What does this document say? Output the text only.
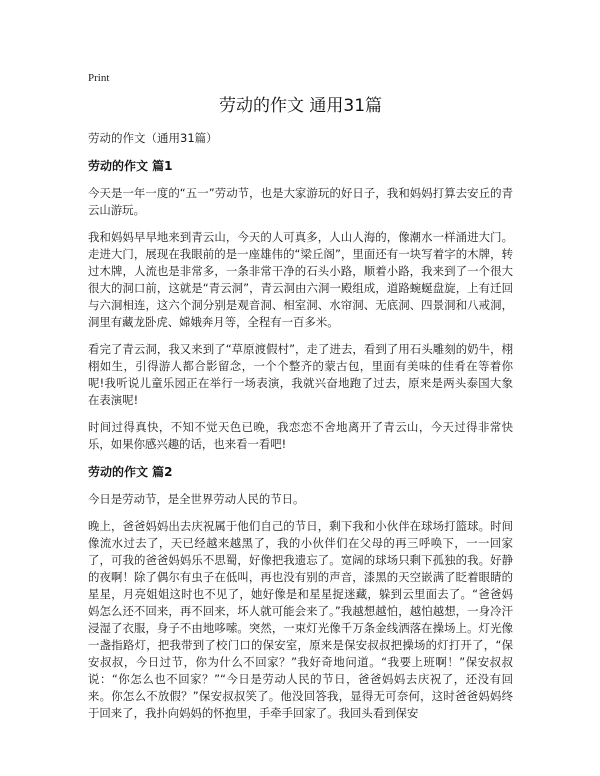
Print
劳动的作文 通用31篇

劳动的作文（通用31篇）

劳动的作文 篇1

今天是一年一度的“五一”劳动节，也是大家游玩的好日子，我和妈妈打算去安丘的青云山游玩。

我和妈妈早早地来到青云山，今天的人可真多，人山人海的，像潮水一样涌进大门。走进大门，展现在我眼前的是一座雄伟的“梁丘阁”，里面还有一块写着字的木牌，转过木牌，人流也是非常多，一条非常干净的石头小路，顺着小路，我来到了一个很大很大的洞口前，这就是“青云洞”，青云洞由六洞一殿组成，道路蜿蜒盘旋，上有迁回与六洞相连，这六个洞分别是观音洞、相室洞、水帘洞、无底洞、四景洞和八戒洞，洞里有藏龙卧虎、嫦娥奔月等，全程有一百多米。

看完了青云洞，我又来到了“草原渡假村”，走了进去，看到了用石头雕刻的奶牛，栩栩如生，引得游人都合影留念，一个个整齐的蒙古包，里面有美味的佳肴在等着你呢!我听说儿童乐园正在举行一场表演，我就兴奋地跑了过去，原来是两头泰国大象在表演呢!

时间过得真快，不知不觉天色已晚，我恋恋不舍地离开了青云山，今天过得非常快乐，如果你感兴趣的话，也来看一看吧!

劳动的作文 篇2

今日是劳动节，是全世界劳动人民的节日。

晚上，爸爸妈妈出去庆祝属于他们自己的节日，剩下我和小伙伴在球场打篮球。时间像流水过去了，天已经越来越黑了，我的小伙伴们在父母的再三呼唤下，一一回家了，可我的爸爸妈妈乐不思蜀，好像把我遗忘了。宽阔的球场只剩下孤独的我。好静的夜啊！除了偶尔有虫子在低叫，再也没有别的声音，漆黑的天空嵌满了眨着眼睛的星星，月亮姐姐这时也不见了，她好像是和星星捉迷藏，躲到云里面去了。“爸爸妈妈怎么还不回来，再不回来，坏人就可能会来了。”我越想越怕，越怕越想，一身冷汗浸湿了衣服，身子不由地哆嗦。突然，一束灯光像千万条金线洒落在操场上。灯光像一盏指路灯，把我带到了校门口的保安室，原来是保安叔叔把操场的灯打开了，“保安叔叔，今日过节，你为什么不回家？”我好奇地问道。“我要上班啊！”保安叔叔说：“你怎么也不回家？”“今日是劳动人民的节日，爸爸妈妈去庆祝了，还没有回来。你怎么不放假？”保安叔叔笑了。他没回答我，显得无可奈何，这时爸爸妈妈终于回来了，我扑向妈妈的怀抱里，手牵手回家了。我回头看到保安
